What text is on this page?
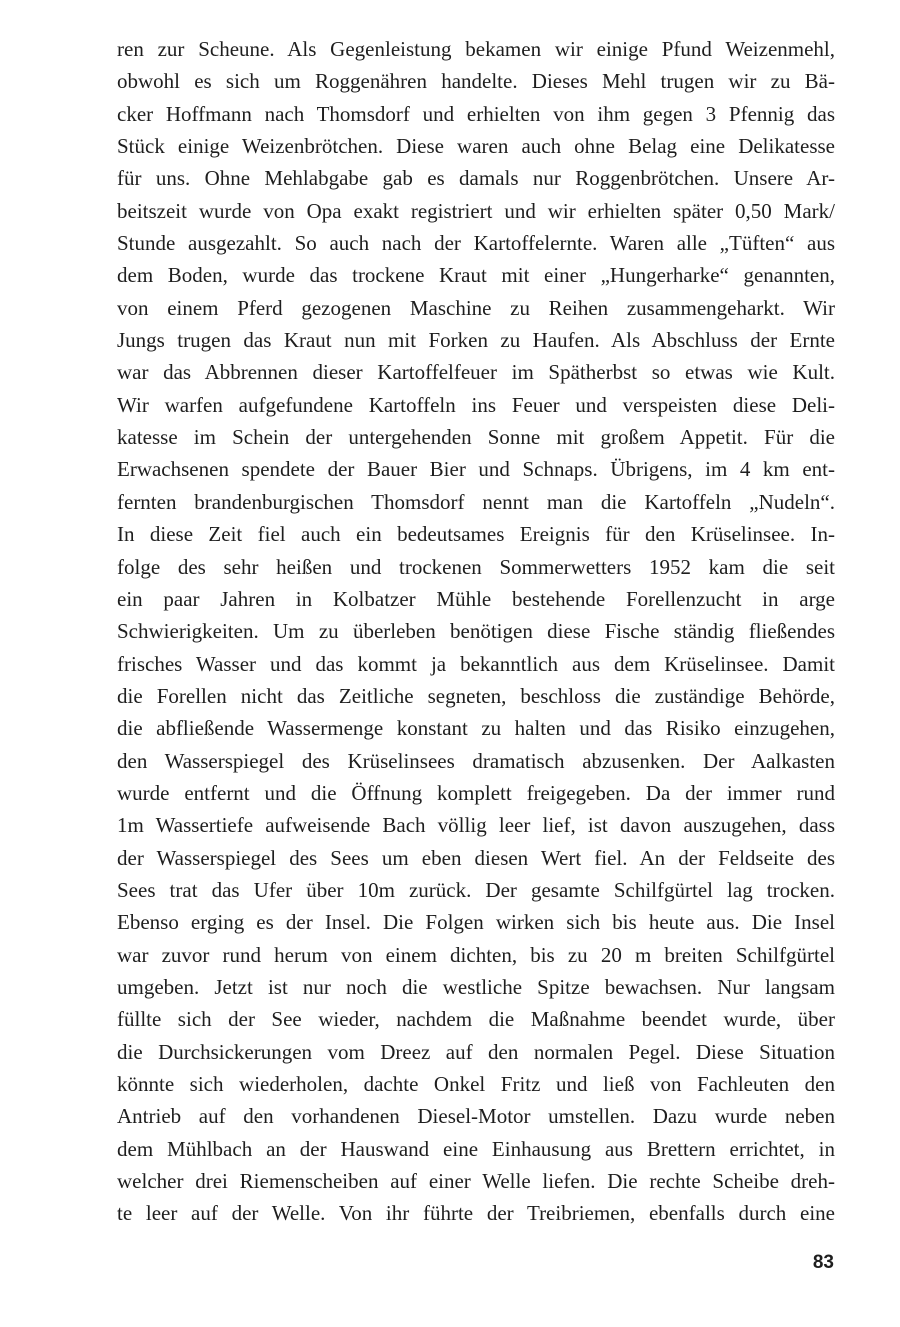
ren zur Scheune. Als Gegenleistung bekamen wir einige Pfund Weizenmehl,
obwohl es sich um Roggenähren handelte. Dieses Mehl trugen wir zu Bä-
cker Hoffmann nach Thomsdorf und erhielten von ihm gegen 3 Pfennig das
Stück einige Weizenbrötchen. Diese waren auch ohne Belag eine Delikatesse
für uns. Ohne Mehlabgabe gab es damals nur Roggenbrötchen. Unsere Ar-
beitszeit wurde von Opa exakt registriert und wir erhielten später 0,50 Mark/
Stunde ausgezahlt. So auch nach der Kartoffelernte. Waren alle „Tüften“ aus
dem Boden, wurde das trockene Kraut mit einer „Hungerharke“ genannten,
von einem Pferd gezogenen Maschine zu Reihen zusammengeharkt. Wir
Jungs trugen das Kraut nun mit Forken zu Haufen. Als Abschluss der Ernte
war das Abbrennen dieser Kartoffelfeuer im Spätherbst so etwas wie Kult.
Wir warfen aufgefundene Kartoffeln ins Feuer und verspeisten diese Deli-
katesse im Schein der untergehenden Sonne mit großem Appetit. Für die
Erwachsenen spendete der Bauer Bier und Schnaps. Übrigens, im 4 km ent-
fernten brandenburgischen Thomsdorf nennt man die Kartoffeln „Nudeln“.
In diese Zeit fiel auch ein bedeutsames Ereignis für den Krüselinsee. In-
folge des sehr heißen und trockenen Sommerwetters 1952 kam die seit
ein paar Jahren in Kolbatzer Mühle bestehende Forellenzucht in arge
Schwierigkeiten. Um zu überleben benötigen diese Fische ständig fließendes
frisches Wasser und das kommt ja bekanntlich aus dem Krüselinsee. Damit
die Forellen nicht das Zeitliche segneten, beschloss die zuständige Behörde,
die abfließende Wassermenge konstant zu halten und das Risiko einzugehen,
den Wasserspiegel des Krüselinsees dramatisch abzusenken. Der Aalkasten
wurde entfernt und die Öffnung komplett freigegeben. Da der immer rund
1m Wassertiefe aufweisende Bach völlig leer lief, ist davon auszugehen, dass
der Wasserspiegel des Sees um eben diesen Wert fiel. An der Feldseite des
Sees trat das Ufer über 10m zurück. Der gesamte Schilfgürtel lag trocken.
Ebenso erging es der Insel. Die Folgen wirken sich bis heute aus. Die Insel
war zuvor rund herum von einem dichten, bis zu 20 m breiten Schilfgürtel
umgeben. Jetzt ist nur noch die westliche Spitze bewachsen. Nur langsam
füllte sich der See wieder, nachdem die Maßnahme beendet wurde, über
die Durchsickerungen vom Dreez auf den normalen Pegel. Diese Situation
könnte sich wiederholen, dachte Onkel Fritz und ließ von Fachleuten den
Antrieb auf den vorhandenen Diesel-Motor umstellen. Dazu wurde neben
dem Mühlbach an der Hauswand eine Einhausung aus Brettern errichtet, in
welcher drei Riemenscheiben auf einer Welle liefen. Die rechte Scheibe dreh-
te leer auf der Welle. Von ihr führte der Treibriemen, ebenfalls durch eine
83
